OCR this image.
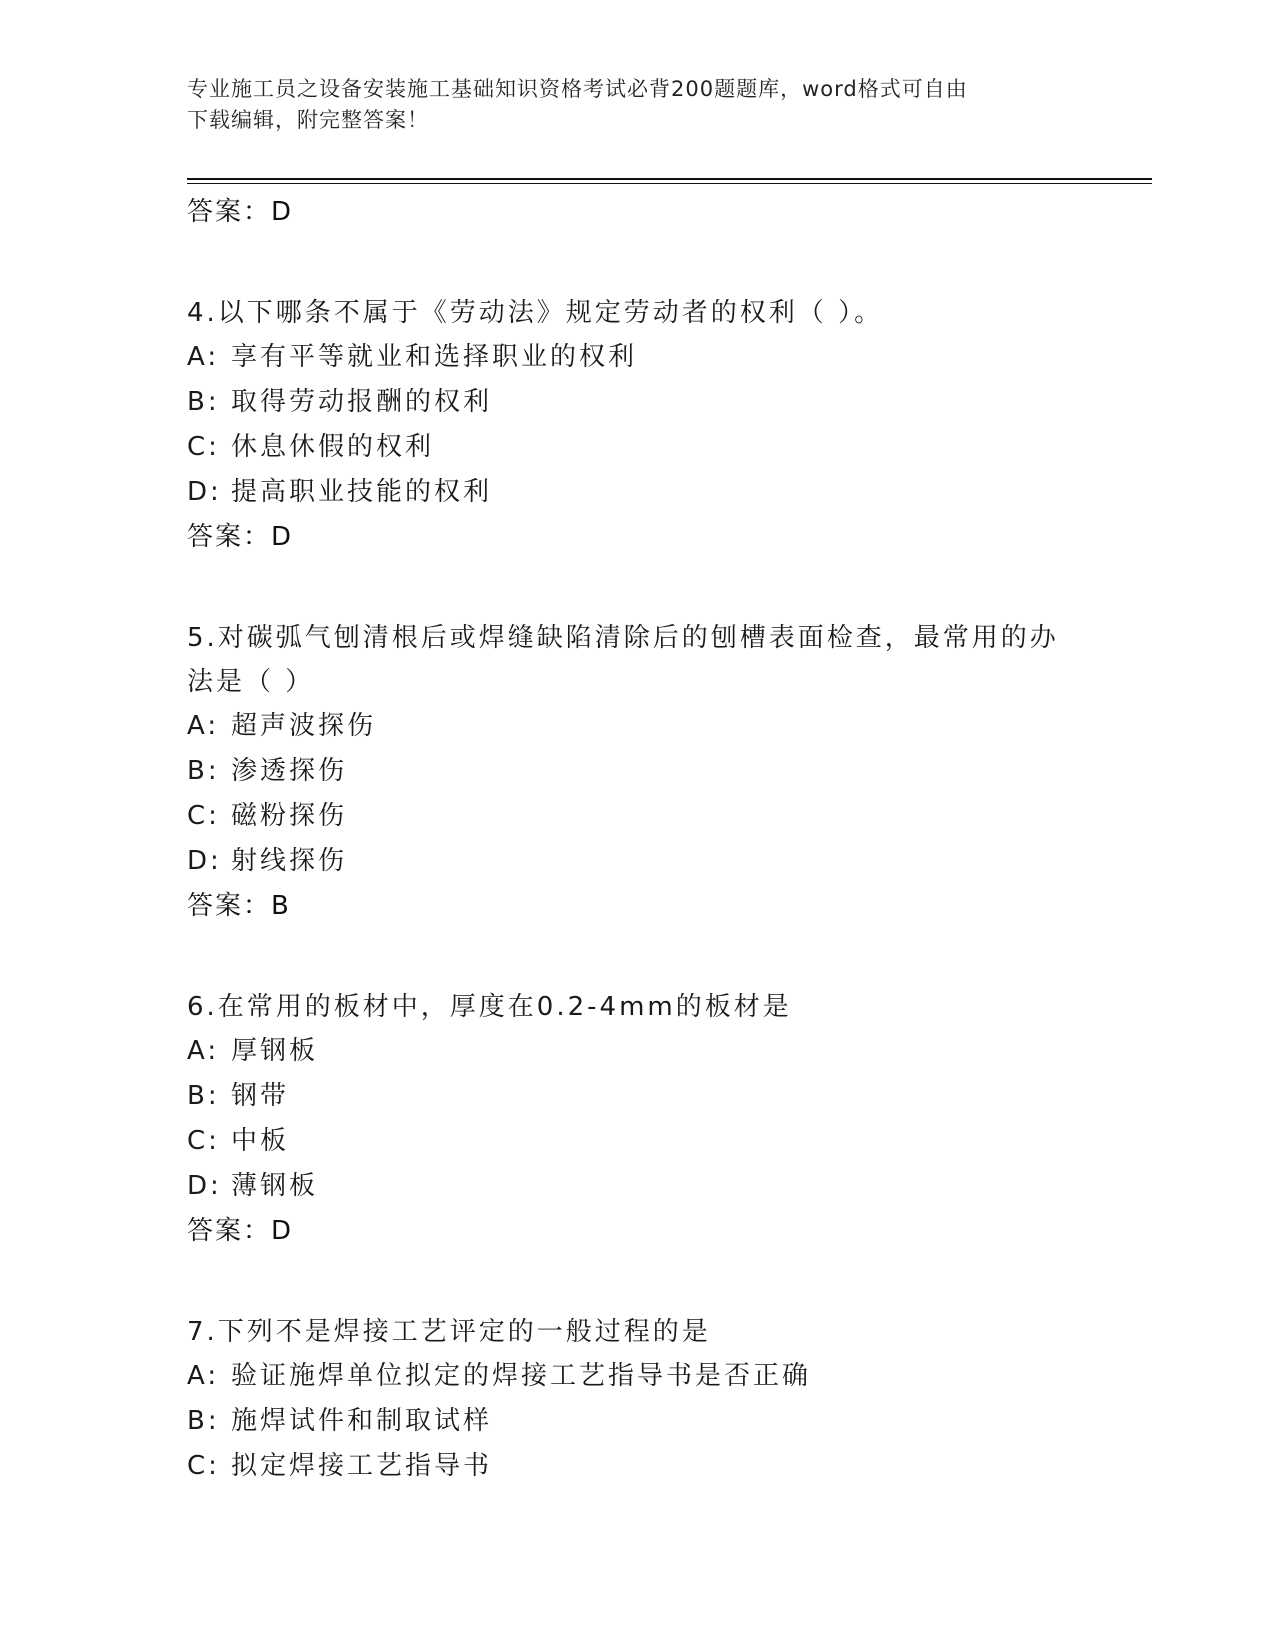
专业施工员之设备安装施工基础知识资格考试必背200题题库，word格式可自由
下载编辑，附完整答案！
答案：D
4.以下哪条不属于《劳动法》规定劳动者的权利（ ）。
A: 享有平等就业和选择职业的权利
B: 取得劳动报酬的权利
C: 休息休假的权利
D: 提高职业技能的权利
答案：D
5.对碳弧气刨清根后或焊缝缺陷清除后的刨槽表面检查，最常用的办法是（ ）
A: 超声波探伤
B: 渗透探伤
C: 磁粉探伤
D: 射线探伤
答案：B
6.在常用的板材中，厚度在0.2-4mm的板材是
A: 厚钢板
B: 钢带
C: 中板
D: 薄钢板
答案：D
7.下列不是焊接工艺评定的一般过程的是
A: 验证施焊单位拟定的焊接工艺指导书是否正确
B: 施焊试件和制取试样
C: 拟定焊接工艺指导书
